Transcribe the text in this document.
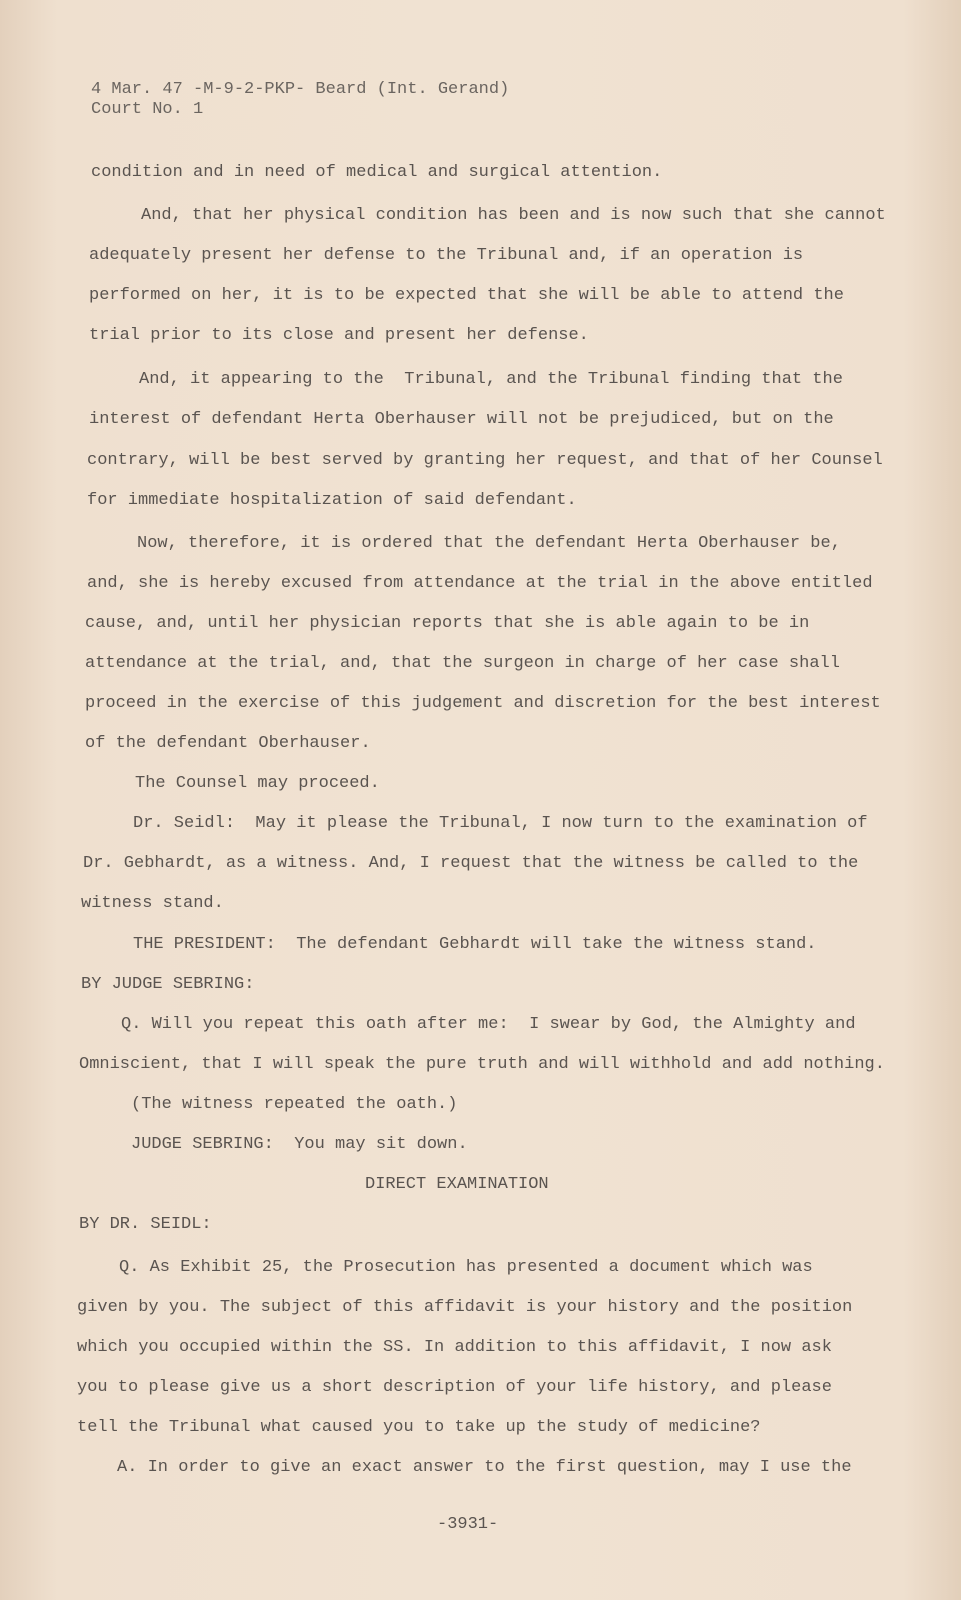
4 Mar. 47 -M-9-2-PKP- Beard (Int. Gerand)
Court No. 1
condition and in need of medical and surgical attention.
And, that her physical condition has been and is now such that she cannot
adequately present her defense to the Tribunal and, if an operation is
performed on her, it is to be expected that she will be able to attend the
trial prior to its close and present her defense.
And, it appearing to the  Tribunal, and the Tribunal finding that the
interest of defendant Herta Oberhauser will not be prejudiced, but on the
contrary, will be best served by granting her request, and that of her Counsel
for immediate hospitalization of said defendant.
Now, therefore, it is ordered that the defendant Herta Oberhauser be,
and, she is hereby excused from attendance at the trial in the above entitled
cause, and, until her physician reports that she is able again to be in
attendance at the trial, and, that the surgeon in charge of her case shall
proceed in the exercise of this judgement and discretion for the best interest
of the defendant Oberhauser.
The Counsel may proceed.
Dr. Seidl:  May it please the Tribunal, I now turn to the examination of
Dr. Gebhardt, as a witness. And, I request that the witness be called to the
witness stand.
THE PRESIDENT:  The defendant Gebhardt will take the witness stand.
BY JUDGE SEBRING:
Q. Will you repeat this oath after me:  I swear by God, the Almighty and
Omniscient, that I will speak the pure truth and will withhold and add nothing.
(The witness repeated the oath.)
JUDGE SEBRING:  You may sit down.
DIRECT EXAMINATION
BY DR. SEIDL:
Q. As Exhibit 25, the Prosecution has presented a document which was
given by you. The subject of this affidavit is your history and the position
which you occupied within the SS. In addition to this affidavit, I now ask
you to please give us a short description of your life history, and please
tell the Tribunal what caused you to take up the study of medicine?
A. In order to give an exact answer to the first question, may I use the
-3931-
